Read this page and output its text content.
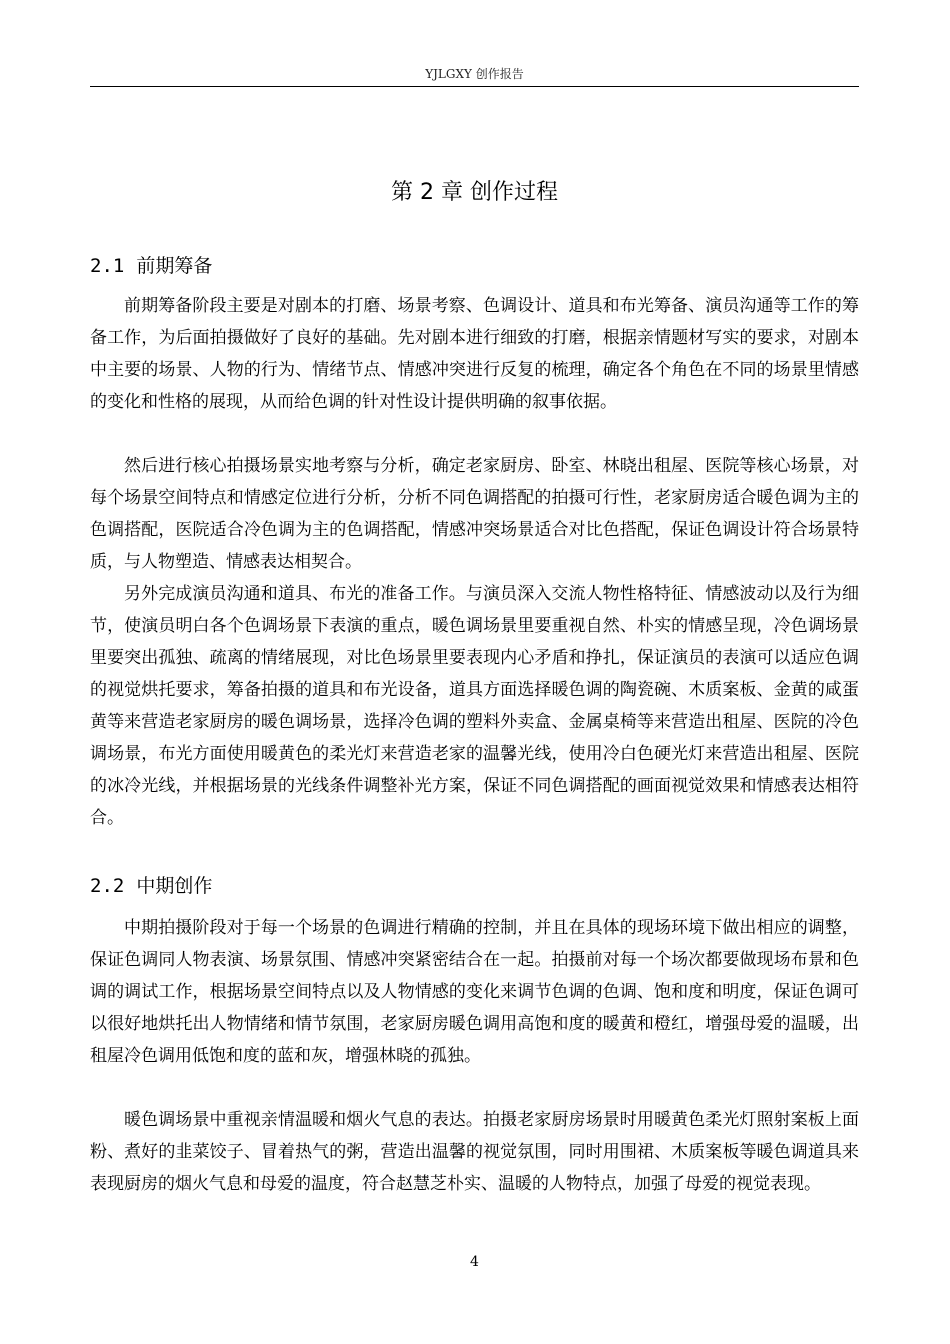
YJLGXY 创作报告
第 2 章 创作过程
2.1 前期筹备

前期筹备阶段主要是对剧本的打磨、场景考察、色调设计、道具和布光筹备、演员沟通等工作的筹备工作，为后面拍摄做好了良好的基础。先对剧本进行细致的打磨，根据亲情题材写实的要求，对剧本中主要的场景、人物的行为、情绪节点、情感冲突进行反复的梳理，确定各个角色在不同的场景里情感的变化和性格的展现，从而给色调的针对性设计提供明确的叙事依据。

然后进行核心拍摄场景实地考察与分析，确定老家厨房、卧室、林晓出租屋、医院等核心场景，对每个场景空间特点和情感定位进行分析，分析不同色调搭配的拍摄可行性，老家厨房适合暖色调为主的色调搭配，医院适合冷色调为主的色调搭配，情感冲突场景适合对比色搭配，保证色调设计符合场景特质，与人物塑造、情感表达相契合。

另外完成演员沟通和道具、布光的准备工作。与演员深入交流人物性格特征、情感波动以及行为细节，使演员明白各个色调场景下表演的重点，暖色调场景里要重视自然、朴实的情感呈现，冷色调场景里要突出孤独、疏离的情绪展现，对比色场景里要表现内心矛盾和挣扎，保证演员的表演可以适应色调的视觉烘托要求，筹备拍摄的道具和布光设备，道具方面选择暖色调的陶瓷碗、木质案板、金黄的咸蛋黄等来营造老家厨房的暖色调场景，选择冷色调的塑料外卖盒、金属桌椅等来营造出租屋、医院的冷色调场景，布光方面使用暖黄色的柔光灯来营造老家的温馨光线，使用冷白色硬光灯来营造出租屋、医院的冰冷光线，并根据场景的光线条件调整补光方案，保证不同色调搭配的画面视觉效果和情感表达相符合。

2.2 中期创作

中期拍摄阶段对于每一个场景的色调进行精确的控制，并且在具体的现场环境下做出相应的调整，保证色调同人物表演、场景氛围、情感冲突紧密结合在一起。拍摄前对每一个场次都要做现场布景和色调的调试工作，根据场景空间特点以及人物情感的变化来调节色调的色调、饱和度和明度，保证色调可以很好地烘托出人物情绪和情节氛围，老家厨房暖色调用高饱和度的暖黄和橙红，增强母爱的温暖，出租屋冷色调用低饱和度的蓝和灰，增强林晓的孤独。

暖色调场景中重视亲情温暖和烟火气息的表达。拍摄老家厨房场景时用暖黄色柔光灯照射案板上面粉、煮好的韭菜饺子、冒着热气的粥，营造出温馨的视觉氛围，同时用围裙、木质案板等暖色调道具来表现厨房的烟火气息和母爱的温度，符合赵慧芝朴实、温暖的人物特点，加强了母爱的视觉表现。

4
